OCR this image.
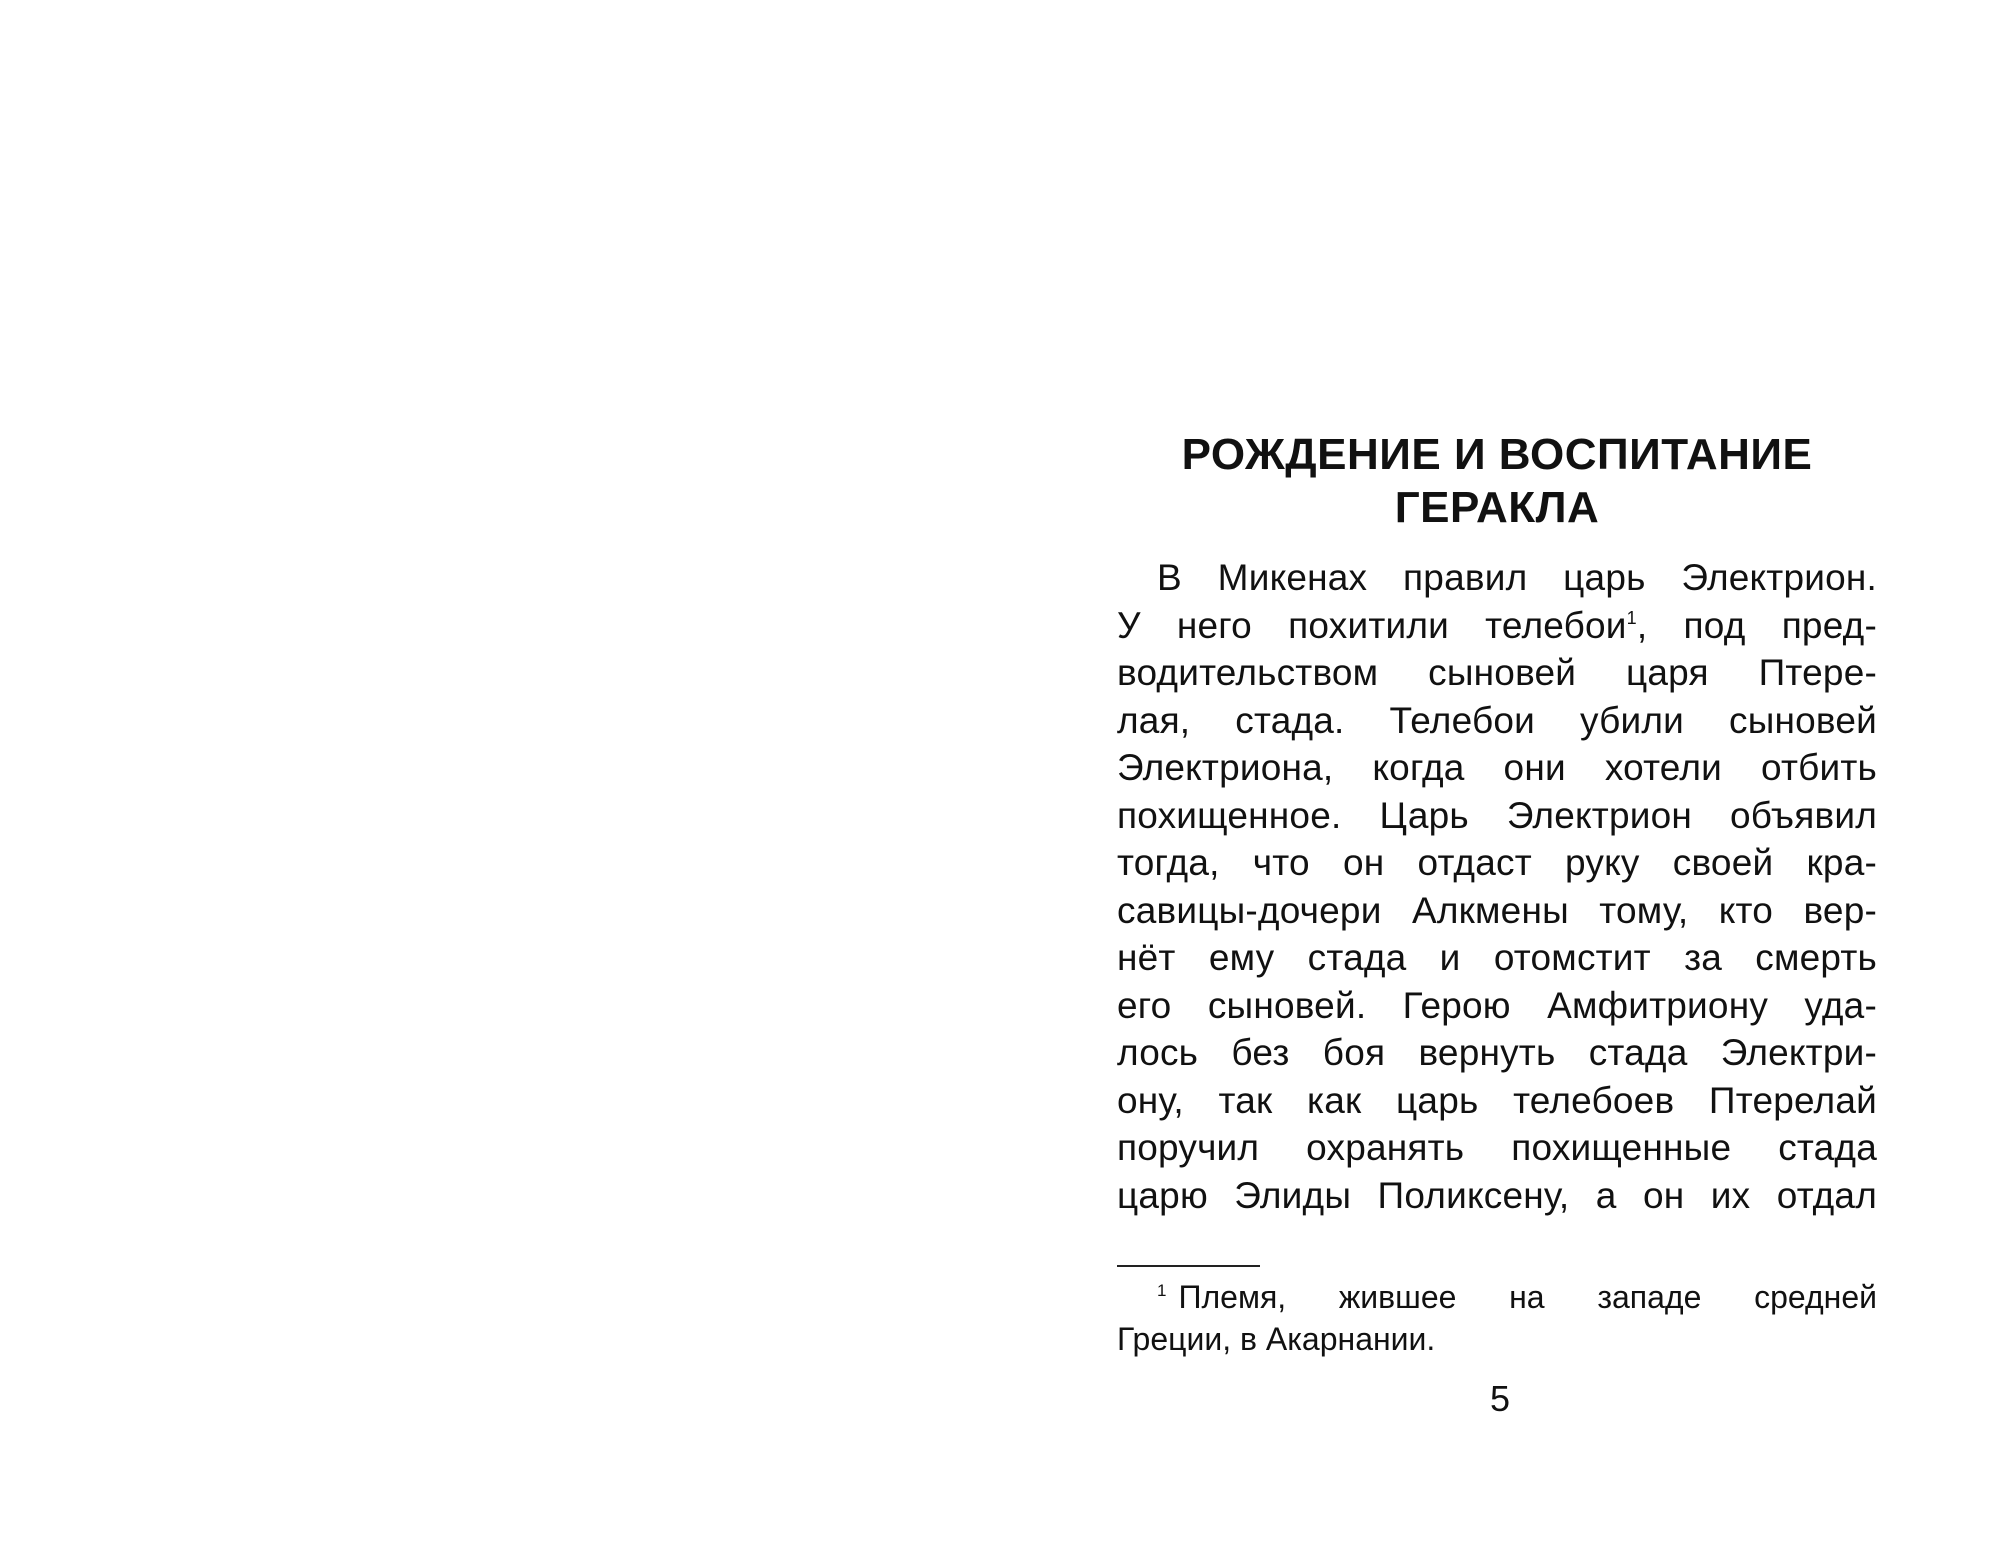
РОЖДЕНИЕ И ВОСПИТАНИЕ
ГЕРАКЛА
В Микенах правил царь Электрион.
У него похитили телебои$^1$, под пред-
водительством сыновей царя Птере-
лая, стада. Телебои убили сыновей
Электриона, когда они хотели отбить
похищенное. Царь Электрион объявил
тогда, что он отдаст руку своей кра-
савицы-дочери Алкмены тому, кто вер-
нёт ему стада и отомстит за смерть
его сыновей. Герою Амфитриону уда-
лось без боя вернуть стада Электри-
ону, так как царь телебоев Птерелай
поручил охранять похищенные стада
царю Элиды Поликсену, а он их отдал
$^1$ Племя, жившее на западе средней
Греции, в Акарнании.
5
